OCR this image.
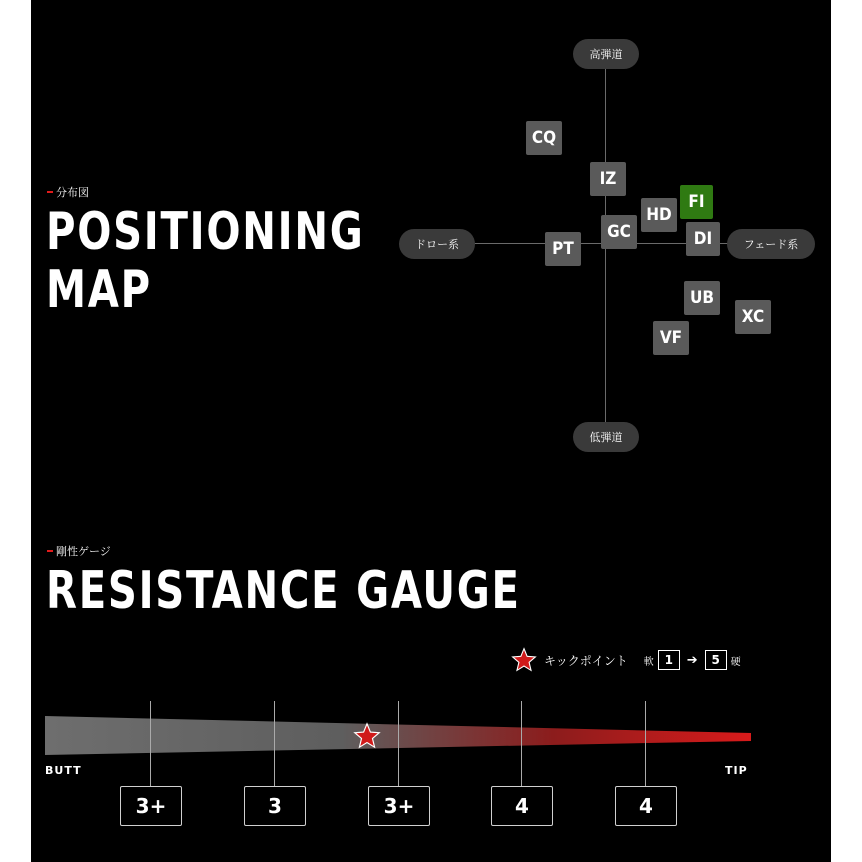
分布図
POSITIONING
MAP
高弾道
低弾道
ドロー系	フェード系
CQ
IZ
FI
HD
GC	DI
PT
UB
XC
VF
剛性ゲージ
RESISTANCE GAUGE
キックポイント 軟 1	➔	5	硬
BUTT	TIP
3+	3	3+	4	4
